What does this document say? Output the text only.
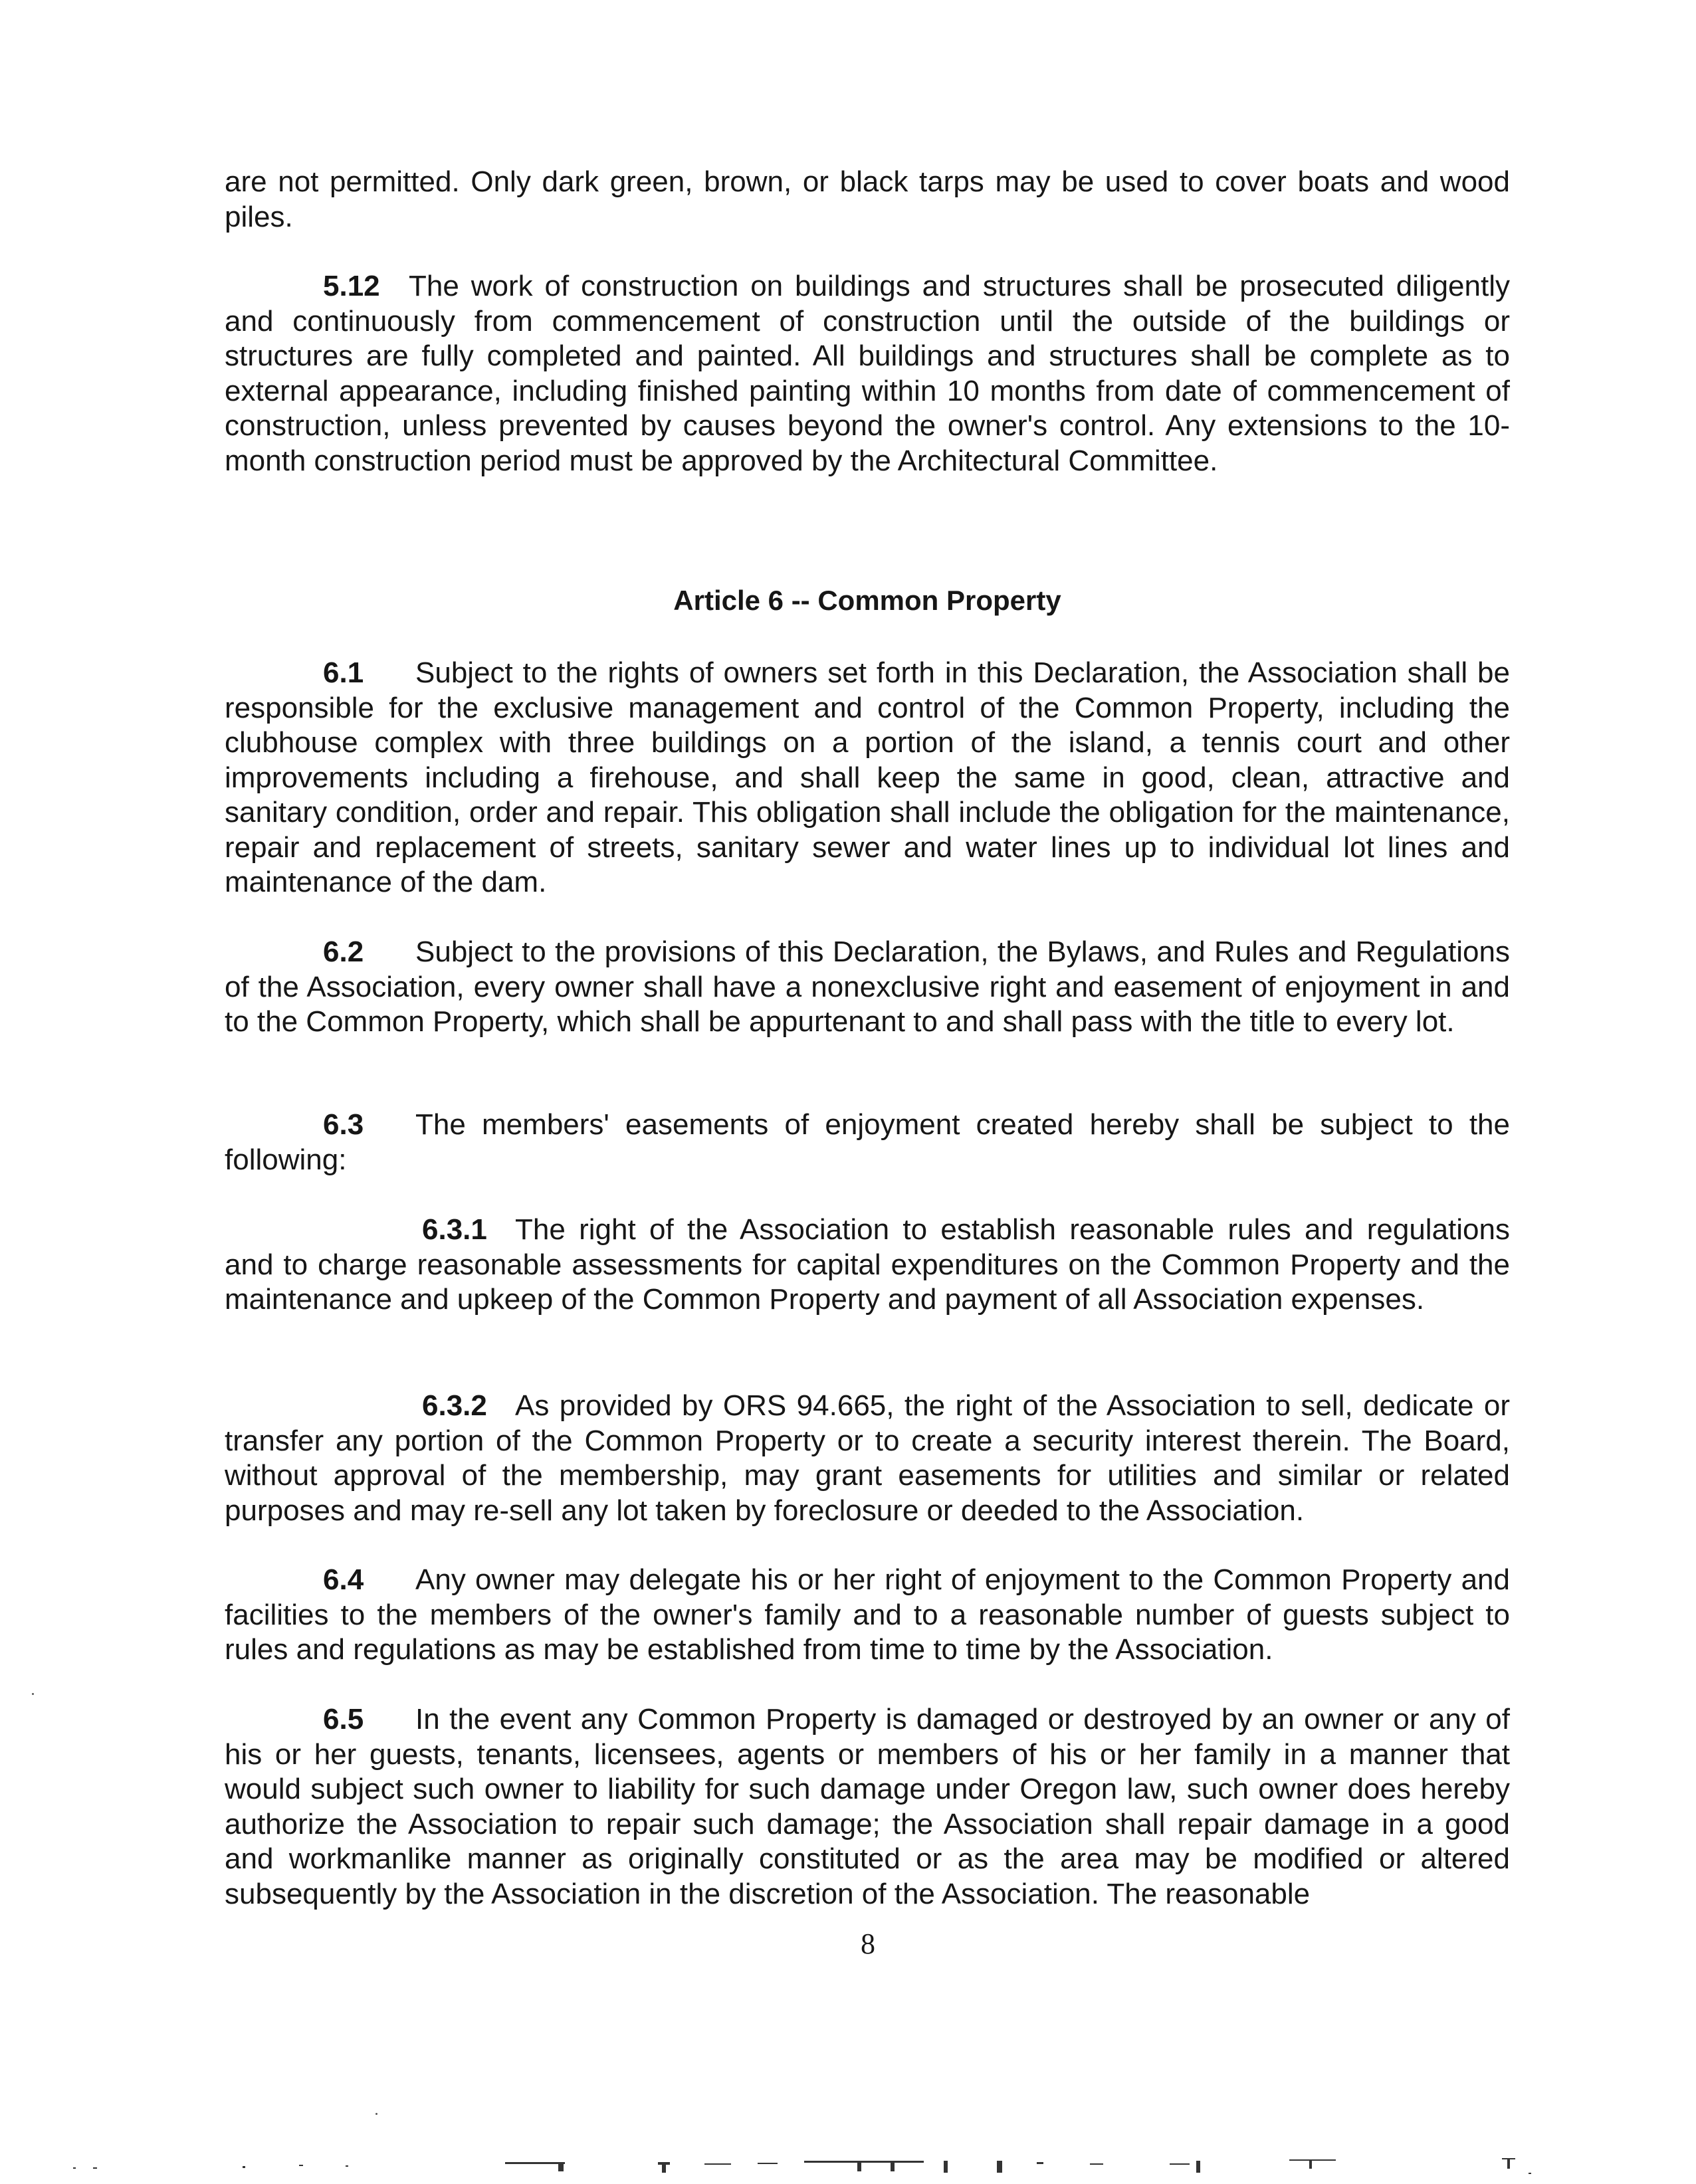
are not permitted. Only dark green, brown, or black tarps may be used to cover boats and wood piles.

5.12 The work of construction on buildings and structures shall be prosecuted diligently and continuously from commencement of construction until the outside of the buildings or structures are fully completed and painted. All buildings and structures shall be complete as to external appearance, including finished painting within 10 months from date of commencement of construction, unless prevented by causes beyond the owner's control. Any extensions to the 10-month construction period must be approved by the Architectural Committee.

Article 6 -- Common Property

6.1 Subject to the rights of owners set forth in this Declaration, the Association shall be responsible for the exclusive management and control of the Common Property, including the clubhouse complex with three buildings on a portion of the island, a tennis court and other improvements including a firehouse, and shall keep the same in good, clean, attractive and sanitary condition, order and repair. This obligation shall include the obligation for the maintenance, repair and replacement of streets, sanitary sewer and water lines up to individual lot lines and maintenance of the dam.

6.2 Subject to the provisions of this Declaration, the Bylaws, and Rules and Regulations of the Association, every owner shall have a nonexclusive right and easement of enjoyment in and to the Common Property, which shall be appurtenant to and shall pass with the title to every lot.

6.3 The members' easements of enjoyment created hereby shall be subject to the following:

6.3.1 The right of the Association to establish reasonable rules and regulations and to charge reasonable assessments for capital expenditures on the Common Property and the maintenance and upkeep of the Common Property and payment of all Association expenses.

6.3.2 As provided by ORS 94.665, the right of the Association to sell, dedicate or transfer any portion of the Common Property or to create a security interest therein. The Board, without approval of the membership, may grant easements for utilities and similar or related purposes and may re-sell any lot taken by foreclosure or deeded to the Association.

6.4 Any owner may delegate his or her right of enjoyment to the Common Property and facilities to the members of the owner's family and to a reasonable number of guests subject to rules and regulations as may be established from time to time by the Association.

6.5 In the event any Common Property is damaged or destroyed by an owner or any of his or her guests, tenants, licensees, agents or members of his or her family in a manner that would subject such owner to liability for such damage under Oregon law, such owner does hereby authorize the Association to repair such damage; the Association shall repair damage in a good and workmanlike manner as originally constituted or as the area may be modified or altered subsequently by the Association in the discretion of the Association. The reasonable

8
